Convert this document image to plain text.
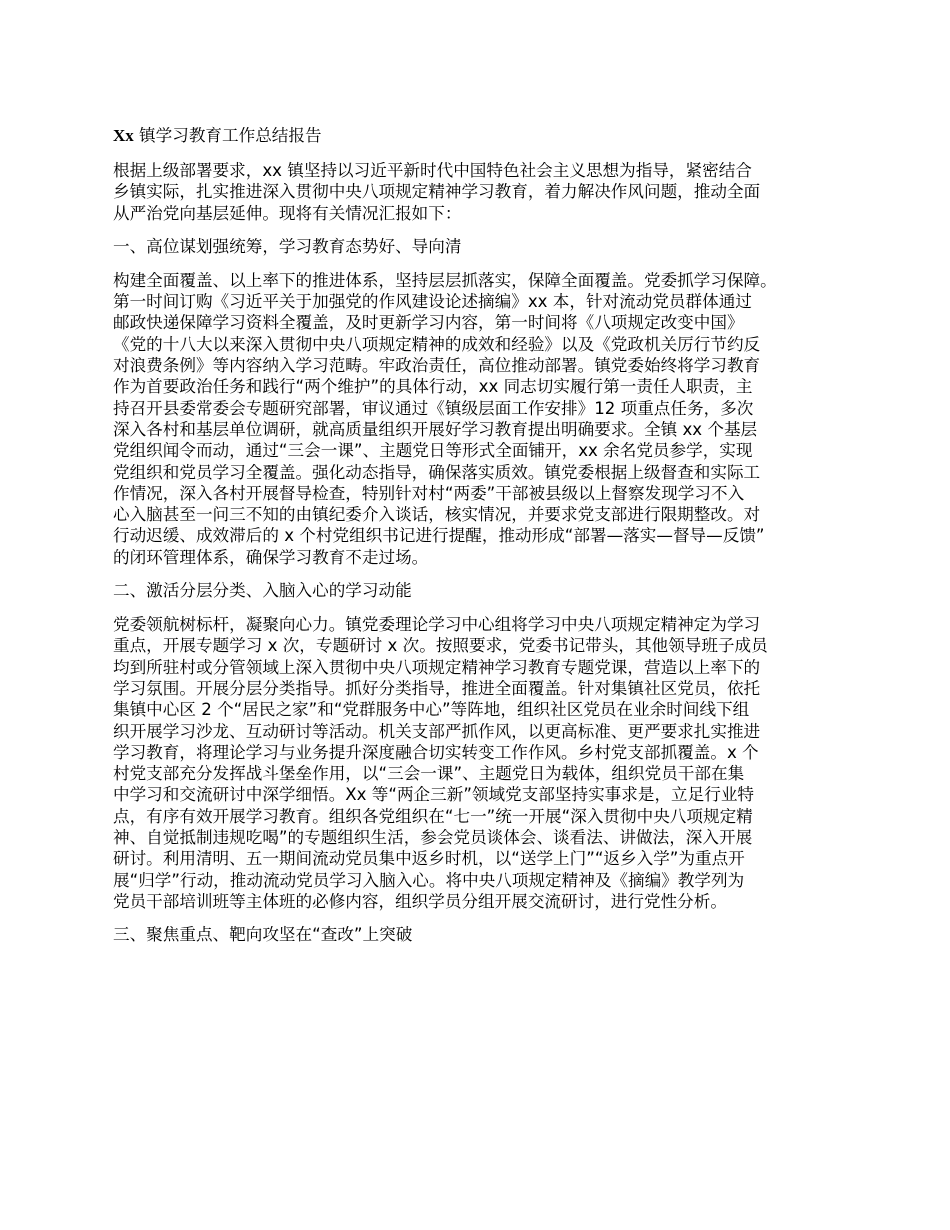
Xx 镇学习教育工作总结报告
根据上级部署要求，xx 镇坚持以习近平新时代中国特色社会主义思想为指导，紧密结合
乡镇实际，扎实推进深入贯彻中央八项规定精神学习教育，着力解决作风问题，推动全面
从严治党向基层延伸。现将有关情况汇报如下：
一、高位谋划强统筹，学习教育态势好、导向清
构建全面覆盖、以上率下的推进体系，坚持层层抓落实，保障全面覆盖。党委抓学习保障。
第一时间订购《习近平关于加强党的作风建设论述摘编》xx 本，针对流动党员群体通过
邮政快递保障学习资料全覆盖，及时更新学习内容，第一时间将《八项规定改变中国》
《党的十八大以来深入贯彻中央八项规定精神的成效和经验》以及《党政机关厉行节约反
对浪费条例》等内容纳入学习范畴。牢政治责任，高位推动部署。镇党委始终将学习教育
作为首要政治任务和践行“两个维护”的具体行动，xx 同志切实履行第一责任人职责，主
持召开县委常委会专题研究部署，审议通过《镇级层面工作安排》12 项重点任务，多次
深入各村和基层单位调研，就高质量组织开展好学习教育提出明确要求。全镇 xx 个基层
党组织闻令而动，通过“三会一课”、主题党日等形式全面铺开，xx 余名党员参学，实现
党组织和党员学习全覆盖。强化动态指导，确保落实质效。镇党委根据上级督查和实际工
作情况，深入各村开展督导检查，特别针对村“两委”干部被县级以上督察发现学习不入
心入脑甚至一问三不知的由镇纪委介入谈话，核实情况，并要求党支部进行限期整改。对
行动迟缓、成效滞后的 x 个村党组织书记进行提醒，推动形成“部署—落实—督导—反馈”
的闭环管理体系，确保学习教育不走过场。
二、激活分层分类、入脑入心的学习动能
党委领航树标杆，凝聚向心力。镇党委理论学习中心组将学习中央八项规定精神定为学习
重点，开展专题学习 x 次，专题研讨 x 次。按照要求，党委书记带头，其他领导班子成员
均到所驻村或分管领域上深入贯彻中央八项规定精神学习教育专题党课，营造以上率下的
学习氛围。开展分层分类指导。抓好分类指导，推进全面覆盖。针对集镇社区党员，依托
集镇中心区 2 个“居民之家”和“党群服务中心”等阵地，组织社区党员在业余时间线下组
织开展学习沙龙、互动研讨等活动。机关支部严抓作风，以更高标准、更严要求扎实推进
学习教育，将理论学习与业务提升深度融合切实转变工作作风。乡村党支部抓覆盖。x 个
村党支部充分发挥战斗堡垒作用，以“三会一课”、主题党日为载体，组织党员干部在集
中学习和交流研讨中深学细悟。Xx 等“两企三新”领域党支部坚持实事求是，立足行业特
点，有序有效开展学习教育。组织各党组织在“七一”统一开展“深入贯彻中央八项规定精
神、自觉抵制违规吃喝”的专题组织生活，参会党员谈体会、谈看法、讲做法，深入开展
研讨。利用清明、五一期间流动党员集中返乡时机，以“送学上门”“返乡入学”为重点开
展“归学”行动，推动流动党员学习入脑入心。将中央八项规定精神及《摘编》教学列为
党员干部培训班等主体班的必修内容，组织学员分组开展交流研讨，进行党性分析。
三、聚焦重点、靶向攻坚在“查改”上突破
